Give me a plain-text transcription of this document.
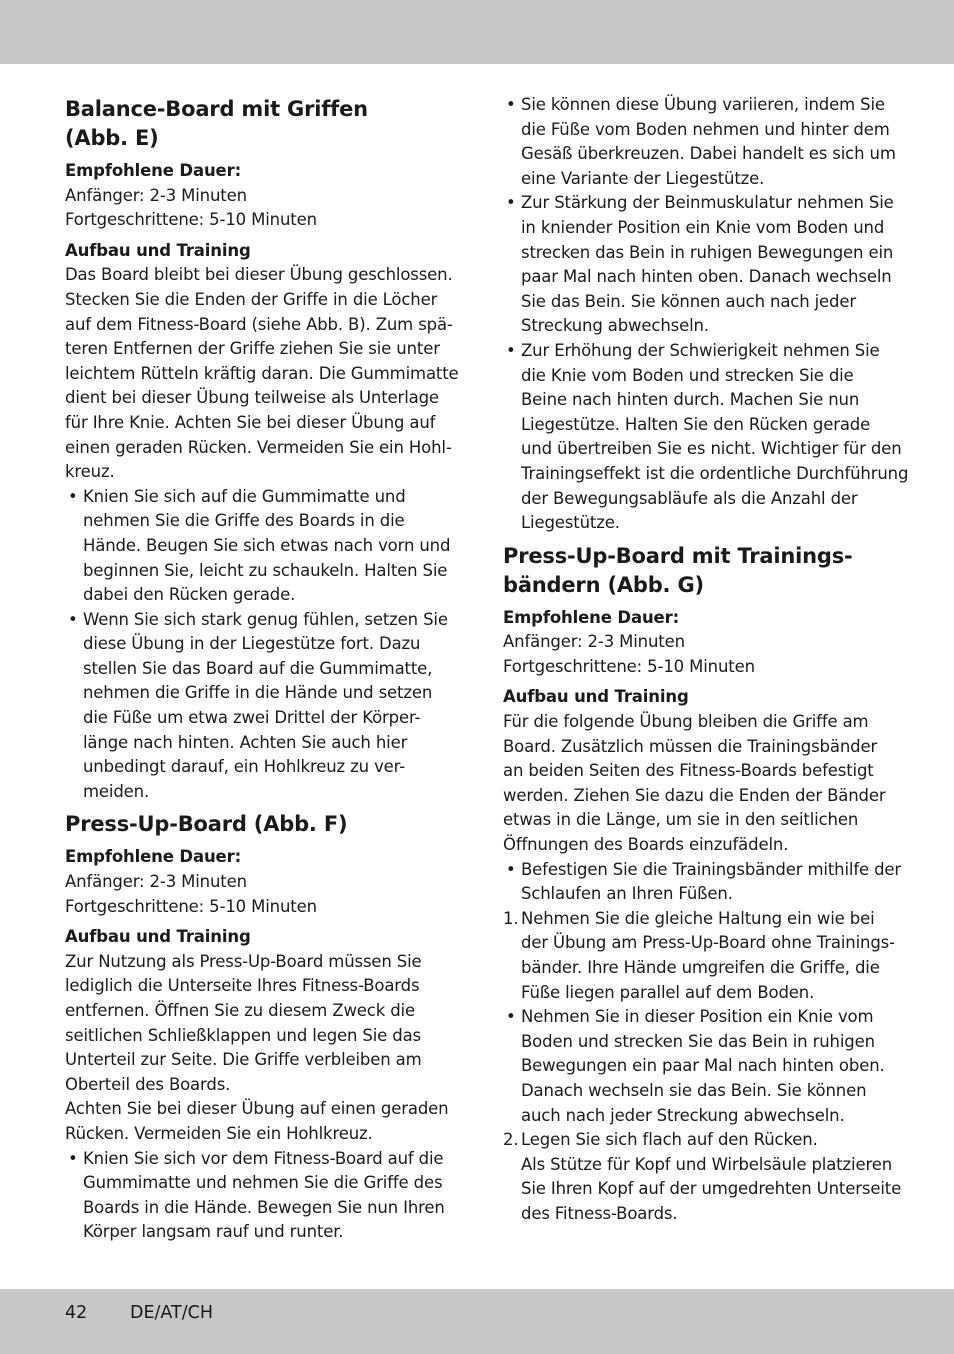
Balance-Board mit Griffen
(Abb. E)
Empfohlene Dauer:

Anfänger: 2-3 Minuten

Fortgeschrittene: 5-10 Minuten

Aufbau und Training

Das Board bleibt bei dieser Übung geschlossen.

Stecken Sie die Enden der Griffe in die Löcher

auf dem Fitness-Board (siehe Abb. B). Zum spä-

teren Entfernen der Griffe ziehen Sie sie unter

leichtem Rütteln kräftig daran. Die Gummimatte

dient bei dieser Übung teilweise als Unterlage

für Ihre Knie. Achten Sie bei dieser Übung auf

einen geraden Rücken. Vermeiden Sie ein Hohl-

kreuz.

• Knien Sie sich auf die Gummimatte und

nehmen Sie die Griffe des Boards in die

Hände. Beugen Sie sich etwas nach vorn und

beginnen Sie, leicht zu schaukeln. Halten Sie

dabei den Rücken gerade.

• Wenn Sie sich stark genug fühlen, setzen Sie

diese Übung in der Liegestütze fort. Dazu

stellen Sie das Board auf die Gummimatte,

nehmen die Griffe in die Hände und setzen

die Füße um etwa zwei Drittel der Körper-

länge nach hinten. Achten Sie auch hier

unbedingt darauf, ein Hohlkreuz zu ver-

meiden.

Press-Up-Board (Abb. F)
Empfohlene Dauer:

Anfänger: 2-3 Minuten

Fortgeschrittene: 5-10 Minuten

Aufbau und Training

Zur Nutzung als Press-Up-Board müssen Sie

lediglich die Unterseite Ihres Fitness-Boards

entfernen. Öffnen Sie zu diesem Zweck die

seitlichen Schließklappen und legen Sie das

Unterteil zur Seite. Die Griffe verbleiben am

Oberteil des Boards.

Achten Sie bei dieser Übung auf einen geraden

Rücken. Vermeiden Sie ein Hohlkreuz.

• Knien Sie sich vor dem Fitness-Board auf die

Gummimatte und nehmen Sie die Griffe des

Boards in die Hände. Bewegen Sie nun Ihren

Körper langsam rauf und runter.

• Sie können diese Übung variieren, indem Sie

die Füße vom Boden nehmen und hinter dem

Gesäß überkreuzen. Dabei handelt es sich um

eine Variante der Liegestütze.

• Zur Stärkung der Beinmuskulatur nehmen Sie

in kniender Position ein Knie vom Boden und

strecken das Bein in ruhigen Bewegungen ein

paar Mal nach hinten oben. Danach wechseln

Sie das Bein. Sie können auch nach jeder

Streckung abwechseln.

• Zur Erhöhung der Schwierigkeit nehmen Sie

die Knie vom Boden und strecken Sie die

Beine nach hinten durch. Machen Sie nun

Liegestütze. Halten Sie den Rücken gerade

und übertreiben Sie es nicht. Wichtiger für den

Trainingseffekt ist die ordentliche Durchführung

der Bewegungsabläufe als die Anzahl der

Liegestütze.

Press-Up-Board mit Trainings-
bändern (Abb. G)
Empfohlene Dauer:

Anfänger: 2-3 Minuten

Fortgeschrittene: 5-10 Minuten

Aufbau und Training

Für die folgende Übung bleiben die Griffe am

Board. Zusätzlich müssen die Trainingsbänder

an beiden Seiten des Fitness-Boards befestigt

werden. Ziehen Sie dazu die Enden der Bänder

etwas in die Länge, um sie in den seitlichen

Öffnungen des Boards einzufädeln.

• Befestigen Sie die Trainingsbänder mithilfe der

Schlaufen an Ihren Füßen.

1. Nehmen Sie die gleiche Haltung ein wie bei

der Übung am Press-Up-Board ohne Trainings-

bänder. Ihre Hände umgreifen die Griffe, die

Füße liegen parallel auf dem Boden.

• Nehmen Sie in dieser Position ein Knie vom

Boden und strecken Sie das Bein in ruhigen

Bewegungen ein paar Mal nach hinten oben.

Danach wechseln sie das Bein. Sie können

auch nach jeder Streckung abwechseln.

2. Legen Sie sich flach auf den Rücken.

Als Stütze für Kopf und Wirbelsäule platzieren

Sie Ihren Kopf auf der umgedrehten Unterseite

des Fitness-Boards.

42 DE/AT/CH
